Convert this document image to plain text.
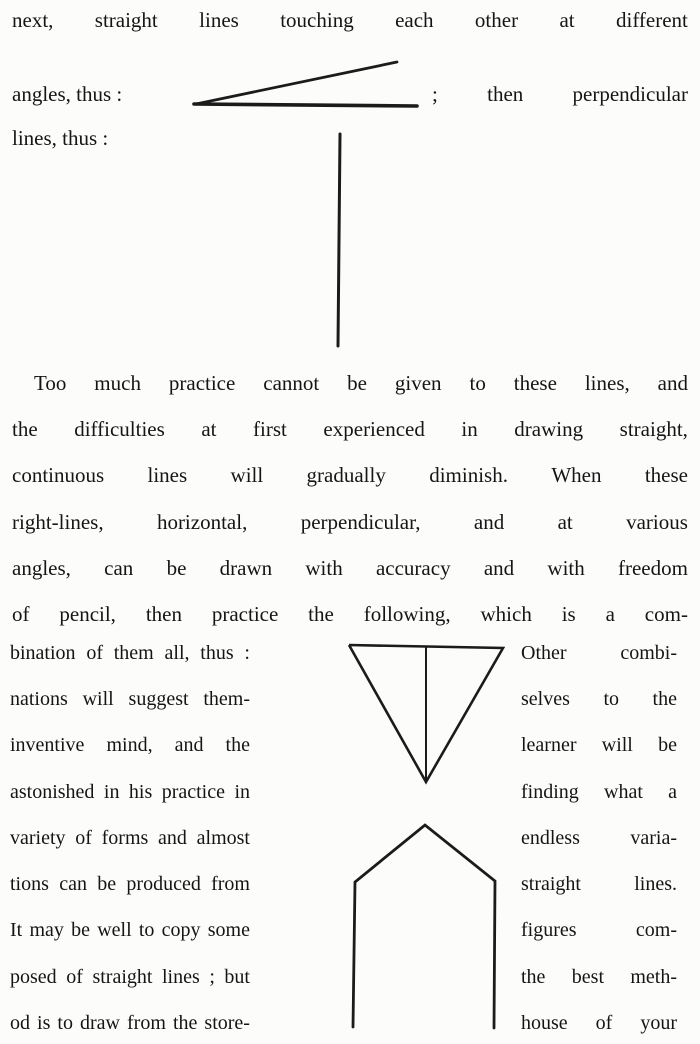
next, straight lines touching each other at different
angles, thus :	; then perpendicular
lines, thus :
Too much practice cannot be given to these lines, and
the difficulties at first experienced in drawing straight,
continuous lines will gradually diminish. When these
right-lines,	horizontal,	perpendicular,	and	at	various
angles, can be drawn with accuracy and with freedom
of pencil, then practice the following, which is a com-
bination of them all, thus :
nations will suggest them-
inventive mind, and the
astonished in his practice in
variety of forms and almost
tions can be produced from
It may be well to copy some
posed of straight lines ; but
od is to draw from the store-
Other	combi-
selves to the
learner will be
finding what a
endless	varia-
straight	lines.
figures	com-
the best meth-
house of your
